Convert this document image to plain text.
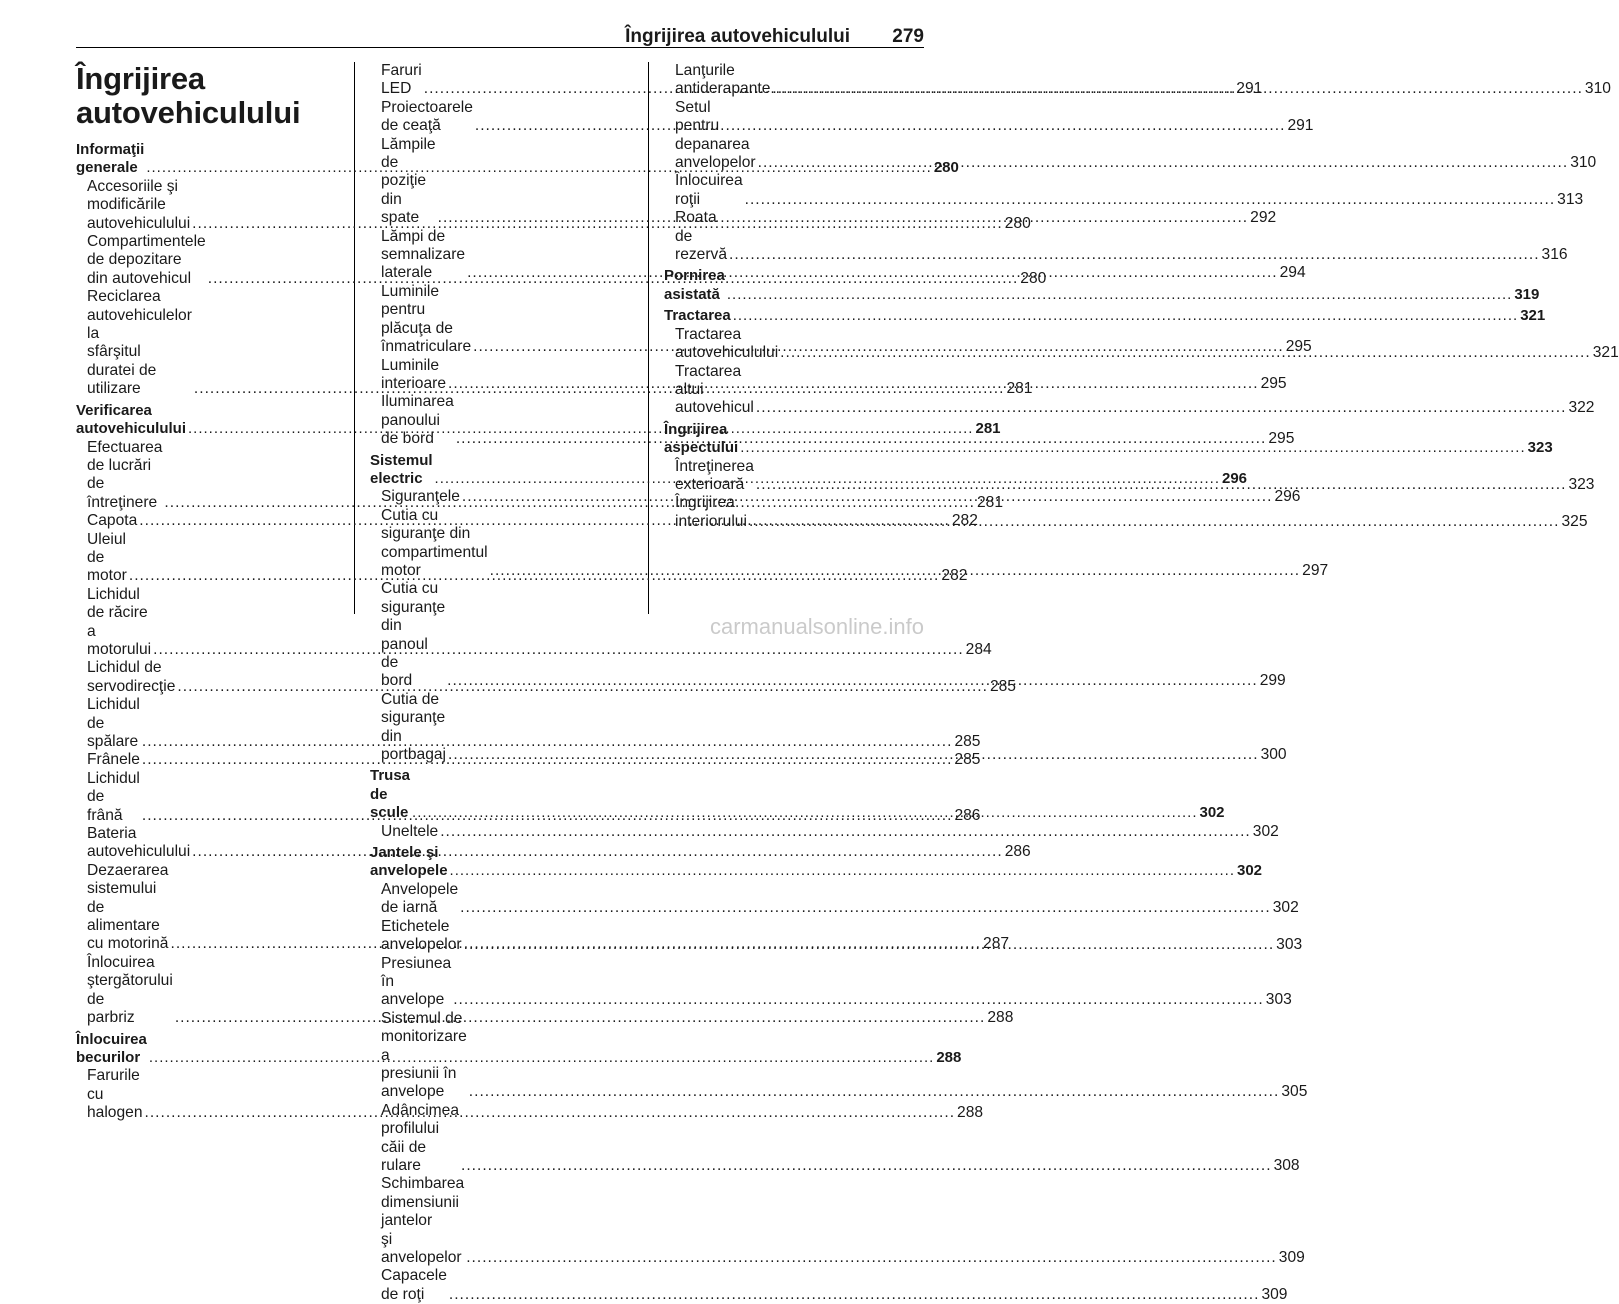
Îngrijirea autovehiculului 279
Îngrijirea
autovehiculului
Informaţii generale .....	280
Accesoriile şi modificările
autovehiculului .....	280
Compartimentele de depozitare
din autovehicul .....	280
Reciclarea autovehiculelor la
sfârşitul duratei de utilizare .....	281
Verificarea autovehiculului .....	281
Efectuarea de lucrări de
întreţinere .....	281
Capota .....	282
Uleiul de motor .....	282
Lichidul de răcire a motorului .....	284
Lichidul de servodirecţie .....	285
Lichidul de spălare .....	285
Frânele .....	285
Lichidul de frână .....	286
Bateria autovehiculului .....	286
Dezaerarea sistemului de
alimentare cu motorină .....	287
Înlocuirea ştergătorului de
parbriz .....	288
Înlocuirea becurilor .....	288
Farurile cu halogen .....	288
Faruri LED .....	291
Proiectoarele de ceaţă .....	291
Lămpile de poziţie din spate .....	292
Lămpi de semnalizare laterale .....	294
Luminile pentru plăcuţa de
înmatriculare .....	295
Luminile interioare .....	295
Iluminarea panoului de bord .....	295
Sistemul electric .....	296
Siguranţele .....	296
Cutia cu siguranţe din
compartimentul motor .....	297
Cutia cu siguranţe din panoul de
bord .....	299
Cutia de siguranţe din
portbagaj .....	300
Trusa de scule .....	302
Uneltele .....	302
Jantele şi anvelopele .....	302
Anvelopele de iarnă .....	302
Etichetele anvelopelor .....	303
Presiunea în anvelope .....	303
Sistemul de monitorizare a
presiunii în anvelope .....	305
Adâncimea profilului căii de
rulare .....	308
Schimbarea dimensiunii jantelor
şi anvelopelor .....	309
Capacele de roţi .....	309
Lanţurile antiderapante .....	310
Setul pentru depanarea
anvelopelor .....	310
Înlocuirea roţii .....	313
Roata de rezervă .....	316
Pornirea asistată .....	319
Tractarea .....	321
Tractarea autovehiculului .....	321
Tractarea altui autovehicul .....	322
Îngrijirea aspectului .....	323
Întreţinerea exterioară .....	323
Îngrijirea interiorului .....	325
carmanualsonline.info
